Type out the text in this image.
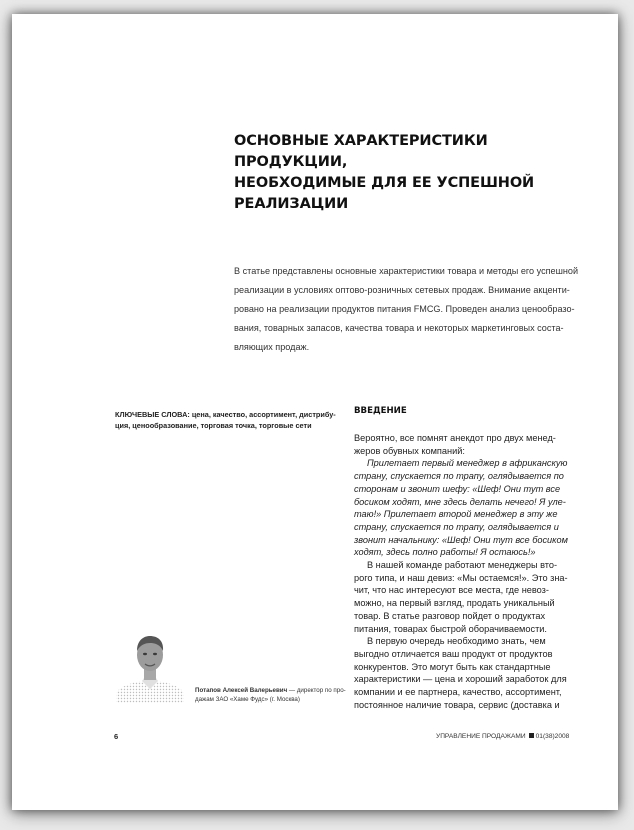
ОСНОВНЫЕ ХАРАКТЕРИСТИКИ ПРОДУКЦИИ,
НЕОБХОДИМЫЕ ДЛЯ ЕЕ УСПЕШНОЙ
РЕАЛИЗАЦИИ
В статье представлены основные характеристики товара и методы его успешной
реализации в условиях оптово-розничных сетевых продаж. Внимание акценти-
ровано на реализации продуктов питания FMCG. Проведен анализ ценообразо-
вания, товарных запасов, качества товара и некоторых маркетинговых соста-
вляющих продаж.
КЛЮЧЕВЫЕ СЛОВА: цена, качество, ассортимент, дистрибу-
ция, ценообразование, торговая точка, торговые сети
ВВЕДЕНИЕ
Вероятно, все помнят анекдот про двух менед-
жеров обувных компаний:
Прилетает первый менеджер в африканскую
страну, спускается по трапу, оглядывается по
сторонам и звонит шефу: «Шеф! Они тут все
босиком ходят, мне здесь делать нечего! Я уле-
таю!» Прилетает второй менеджер в эту же
страну, спускается по трапу, оглядывается и
звонит начальнику: «Шеф! Они тут все босиком
ходят, здесь полно работы! Я остаюсь!»
В нашей команде работают менеджеры вто-
рого типа, и наш девиз: «Мы остаемся!». Это зна-
чит, что нас интересуют все места, где невоз-
можно, на первый взгляд, продать уникальный
товар. В статье разговор пойдет о продуктах
питания, товарах быстрой оборачиваемости.
В первую очередь необходимо знать, чем
выгодно отличается ваш продукт от продуктов
конкурентов. Это могут быть как стандартные
характеристики — цена и хороший заработок для
компании и ее партнера, качество, ассортимент,
постоянное наличие товара, сервис (доставка и
Потапов Алексей Валерьевич — директор по про-
дажам ЗАО «Хаме Фудс» (г. Москва)
6	УПРАВЛЕНИЕ ПРОДАЖАМИ 01(38)2008
